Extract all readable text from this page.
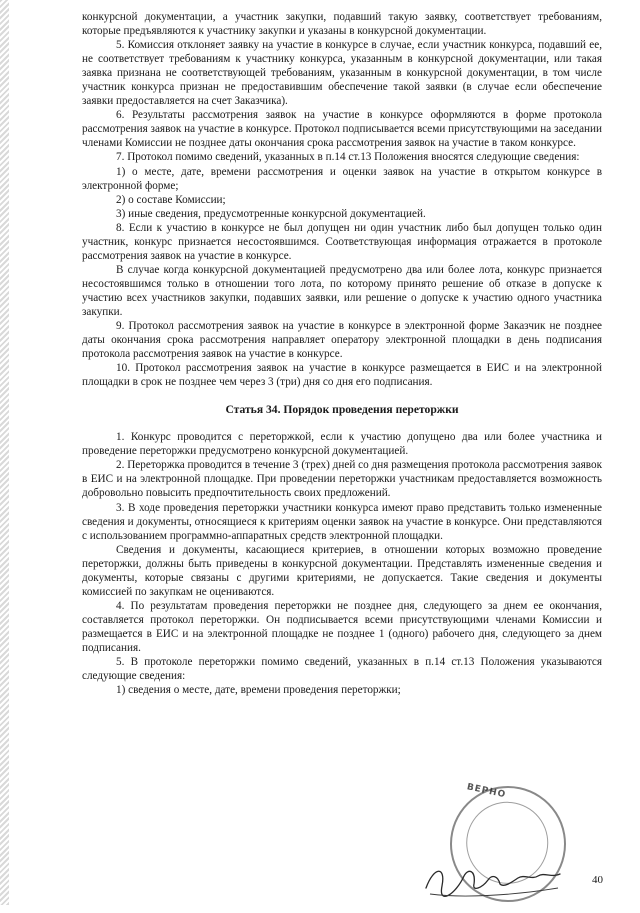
конкурсной документации, а участник закупки, подавший такую заявку, соответствует требованиям, которые предъявляются к участнику закупки и указаны в конкурсной документации.

5. Комиссия отклоняет заявку на участие в конкурсе в случае, если участник конкурса, подавший ее, не соответствует требованиям к участнику конкурса, указанным в конкурсной документации, или такая заявка признана не соответствующей требованиям, указанным в конкурсной документации, в том числе участник конкурса признан не предоставившим обеспечение такой заявки (в случае если обеспечение заявки предоставляется на счет Заказчика).

6. Результаты рассмотрения заявок на участие в конкурсе оформляются в форме протокола рассмотрения заявок на участие в конкурсе. Протокол подписывается всеми присутствующими на заседании членами Комиссии не позднее даты окончания срока рассмотрения заявок на участие в таком конкурсе.

7. Протокол помимо сведений, указанных в п.14 ст.13 Положения вносятся следующие сведения:

1) о месте, дате, времени рассмотрения и оценки заявок на участие в открытом конкурсе в электронной форме;

2) о составе Комиссии;

3) иные сведения, предусмотренные конкурсной документацией.

8. Если к участию в конкурсе не был допущен ни один участник либо был допущен только один участник, конкурс признается несостоявшимся. Соответствующая информация отражается в протоколе рассмотрения заявок на участие в конкурсе.

В случае когда конкурсной документацией предусмотрено два или более лота, конкурс признается несостоявшимся только в отношении того лота, по которому принято решение об отказе в допуске к участию всех участников закупки, подавших заявки, или решение о допуске к участию одного участника закупки.

9. Протокол рассмотрения заявок на участие в конкурсе в электронной форме Заказчик не позднее даты окончания срока рассмотрения направляет оператору электронной площадки в день подписания протокола рассмотрения заявок на участие в конкурсе.

10. Протокол рассмотрения заявок на участие в конкурсе размещается в ЕИС и на электронной площадки в срок не позднее чем через 3 (три) дня со дня его подписания.

Статья 34. Порядок проведения переторжки

1. Конкурс проводится с переторжкой, если к участию допущено два или более участника и проведение переторжки предусмотрено конкурсной документацией.

2. Переторжка проводится в течение 3 (трех) дней со дня размещения протокола рассмотрения заявок в ЕИС и на электронной площадке. При проведении переторжки участникам предоставляется возможность добровольно повысить предпочтительность своих предложений.

3. В ходе проведения переторжки участники конкурса имеют право представить только измененные сведения и документы, относящиеся к критериям оценки заявок на участие в конкурсе. Они представляются с использованием программно-аппаратных средств электронной площадки.

Сведения и документы, касающиеся критериев, в отношении которых возможно проведение переторжки, должны быть приведены в конкурсной документации. Представлять измененные сведения и документы, которые связаны с другими критериями, не допускается. Такие сведения и документы комиссией по закупкам не оцениваются.

4. По результатам проведения переторжки не позднее дня, следующего за днем ее окончания, составляется протокол переторжки. Он подписывается всеми присутствующими членами Комиссии и размещается в ЕИС и на электронной площадке не позднее 1 (одного) рабочего дня, следующего за днем подписания.

5. В протоколе переторжки помимо сведений, указанных в п.14 ст.13 Положения указываются следующие сведения:

1) сведения о месте, дате, времени проведения переторжки;

ВЕРНО
40
